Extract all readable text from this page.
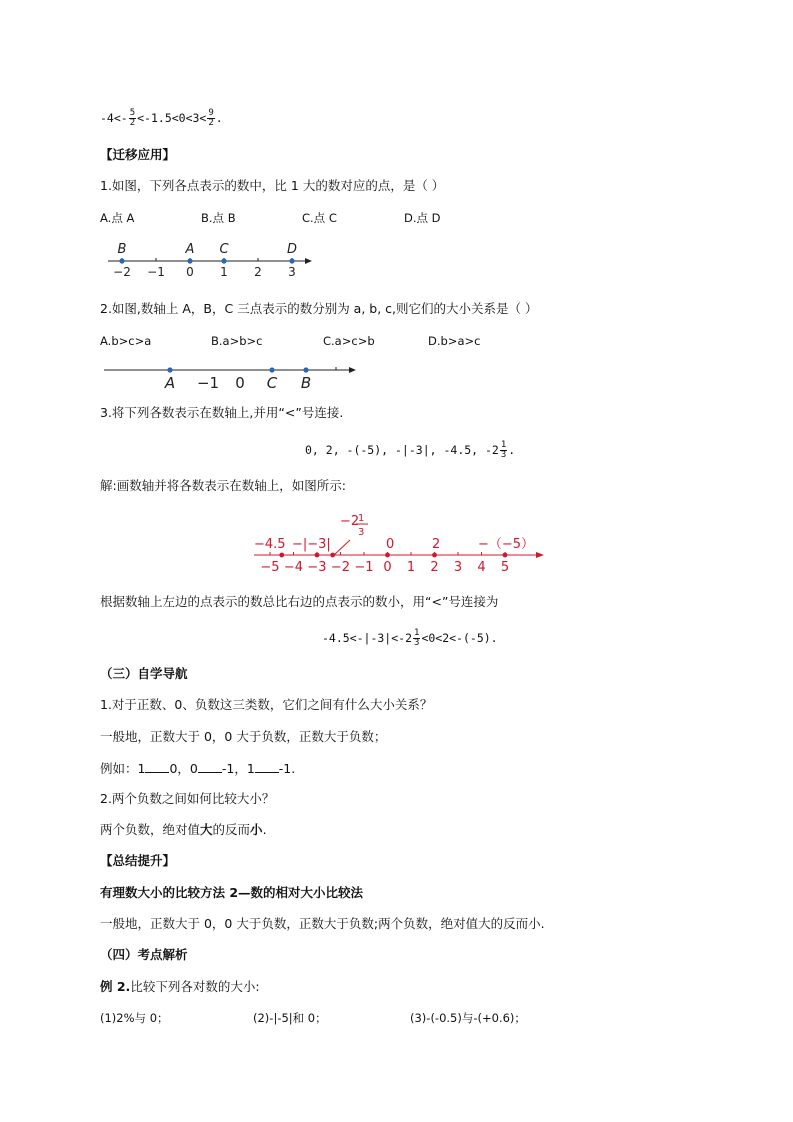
$-4<- \frac{5}{2} <-1.5<0<3< \frac{9}{2}$ .
【迁移应用】
1.如图，下列各点表示的数中，比 1 大的数对应的点，是（ ）
A.点 A	B.点 B	C.点 C	D.点 D
−2 −1 0 1 2 3
B	A C	D
2.如图,数轴上 A，B，C 三点表示的数分别为 a, b, c,则它们的大小关系是（ ）
A.b>c>a	B.a>b>c	C.a>c>b	D.b>a>c
−1 0
A	C B
3.将下列各数表示在数轴上,并用“<”号连接.
0, 2, -(-5), -|-3|, -4.5, $-2 \frac{1}{3}$ .
解:画数轴并将各数表示在数轴上，如图所示:
−5 −4 −3 −2 −1 0 1 2 3 4 5
−4.5 −|−3|
−2
1
3
0	2	−（−5）
根据数轴上左边的点表示的数总比右边的点表示的数小，用“<”号连接为
$-4.5<-|-3|<-2 \frac{1}{3} <0<2<-(-5)$.
（三）自学导航
1.对于正数、0、负数这三类数，它们之间有什么大小关系？
一般地，正数大于 0，0 大于负数，正数大于负数；
例如：1 0，0 -1，1 -1.
2.两个负数之间如何比较大小？
两个负数，绝对值大的反而小.
【总结提升】
有理数大小的比较方法 2—数的相对大小比较法
一般地，正数大于 0，0 大于负数，正数大于负数;两个负数，绝对值大的反而小.
（四）考点解析
例 2.比较下列各对数的大小:
(1)2%与 0；	(2)-|-5|和 0；	(3)-(-0.5)与-(+0.6)；
